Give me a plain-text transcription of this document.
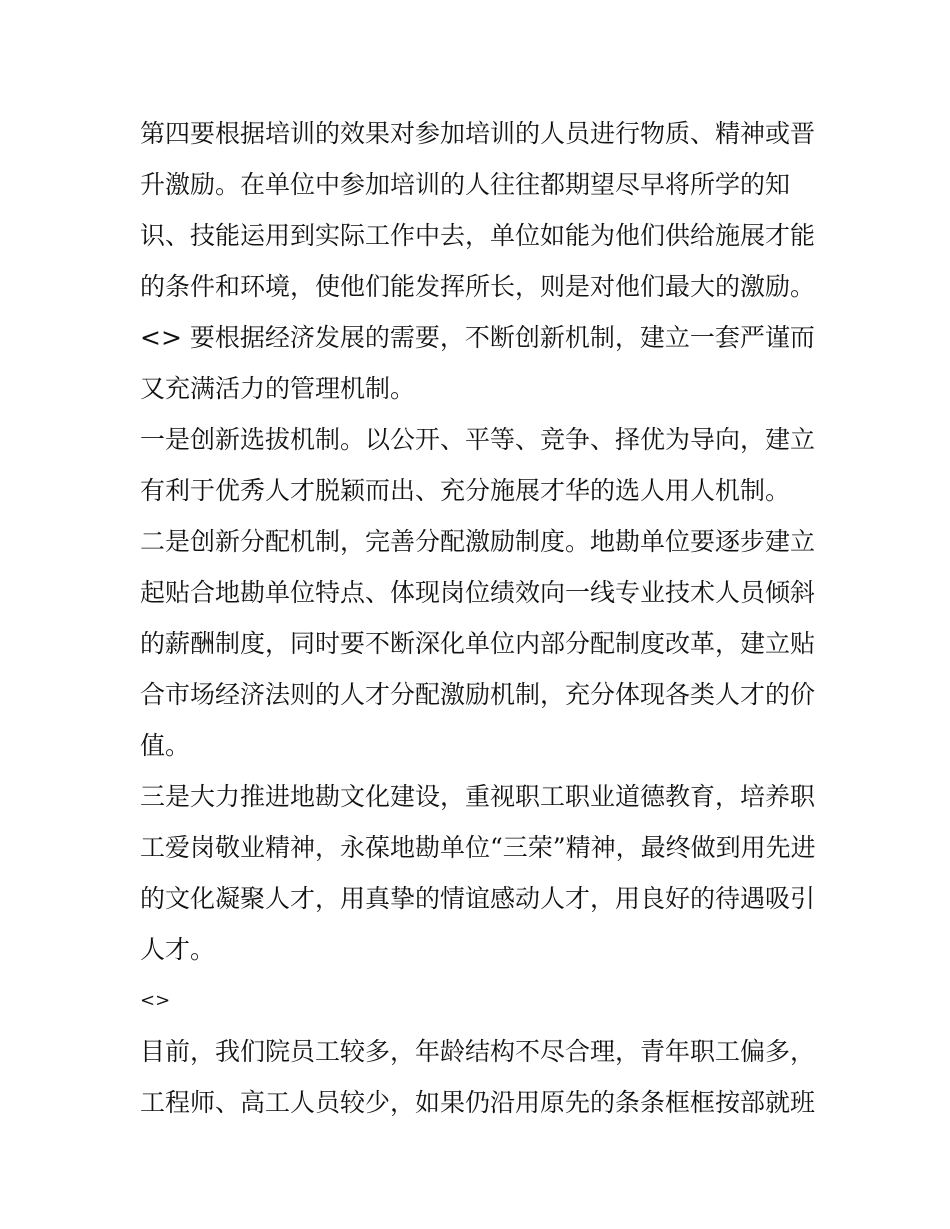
第四要根据培训的效果对参加培训的人员进行物质、精神或晋
升激励。在单位中参加培训的人往往都期望尽早将所学的知
识、技能运用到实际工作中去，单位如能为他们供给施展才能
的条件和环境，使他们能发挥所长，则是对他们最大的激励。
<> 要根据经济发展的需要，不断创新机制，建立一套严谨而
又充满活力的管理机制。
一是创新选拔机制。以公开、平等、竞争、择优为导向，建立
有利于优秀人才脱颖而出、充分施展才华的选人用人机制。
二是创新分配机制，完善分配激励制度。地勘单位要逐步建立
起贴合地勘单位特点、体现岗位绩效向一线专业技术人员倾斜
的薪酬制度，同时要不断深化单位内部分配制度改革，建立贴
合市场经济法则的人才分配激励机制，充分体现各类人才的价
值。
三是大力推进地勘文化建设，重视职工职业道德教育，培养职
工爱岗敬业精神，永葆地勘单位“三荣”精神，最终做到用先进
的文化凝聚人才，用真挚的情谊感动人才，用良好的待遇吸引
人才。
<>
目前，我们院员工较多，年龄结构不尽合理，青年职工偏多，
工程师、高工人员较少，如果仍沿用原先的条条框框按部就班
